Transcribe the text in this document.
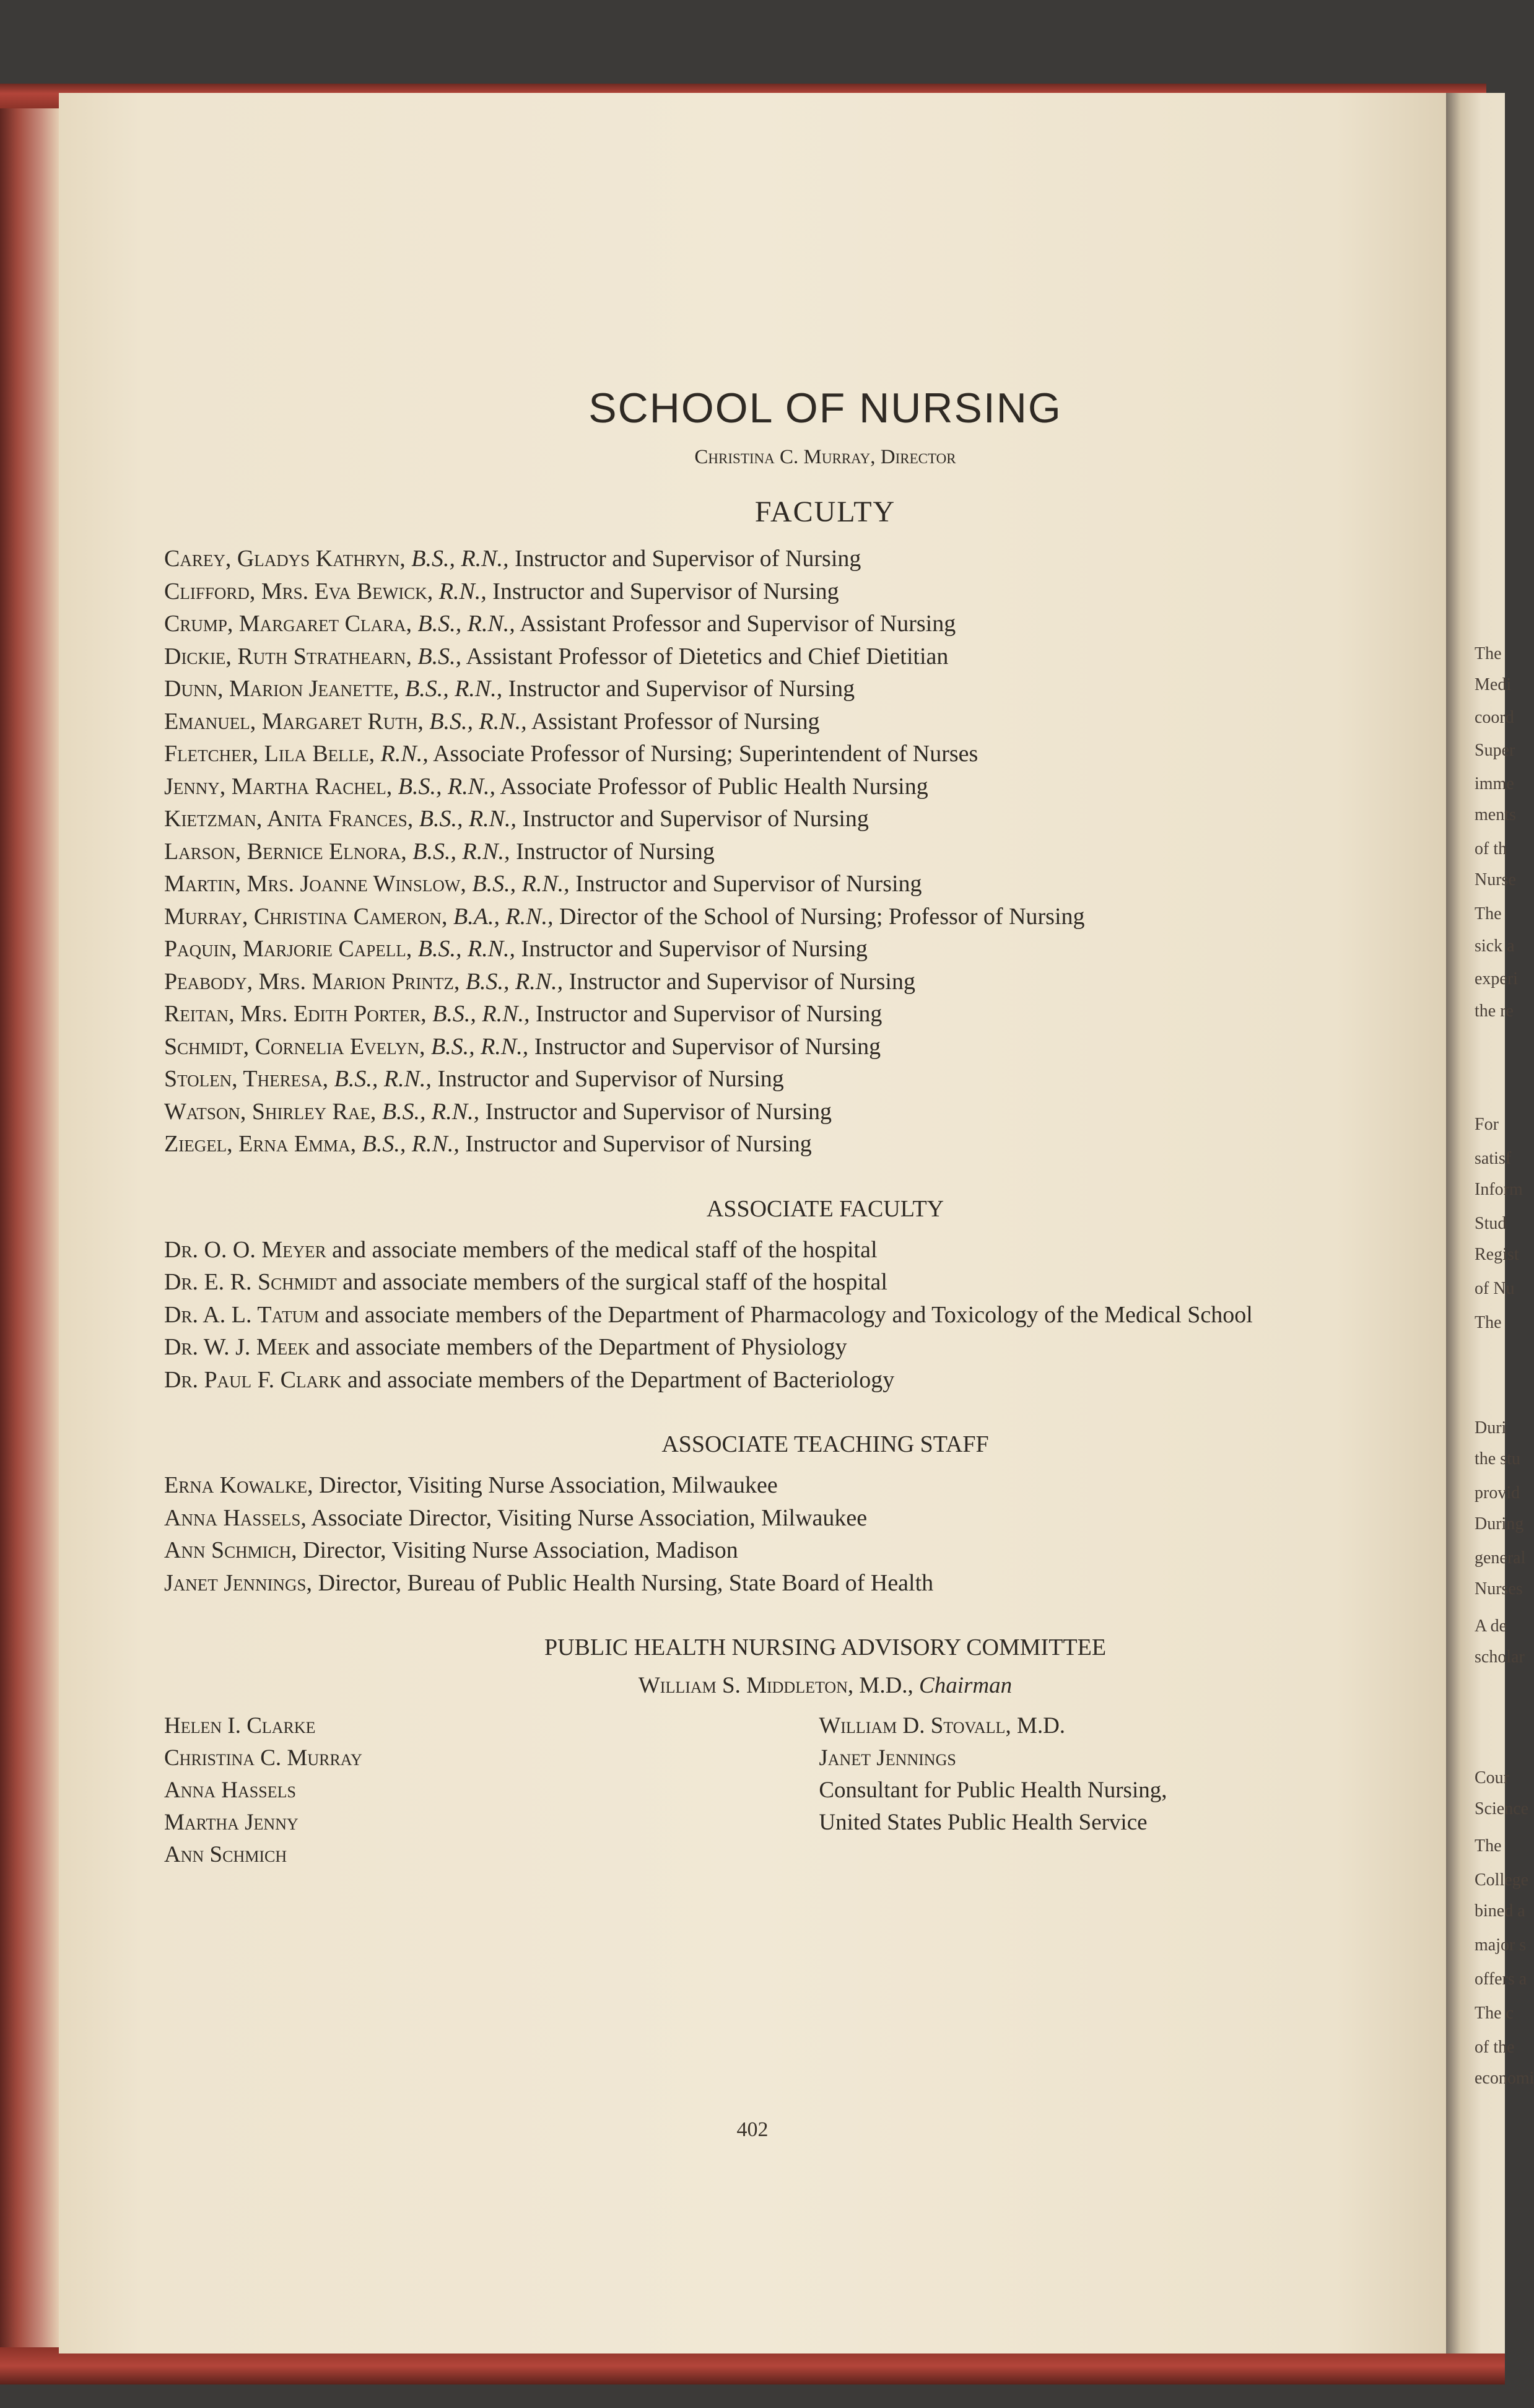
The
Medi
coord
Super
imme
ments
of th
Nurse
The
sick a
experi
the re
For
satisf
Inform
Stud
Regist
of Nu
The
Duri
the stu
provid
During
general
Nurses
A de
scholar
Cour
Science
The
College
bined a
major s
offers a
The c
of the
economi
SCHOOL OF NURSING
Christina C. Murray, Director
FACULTY
Carey, Gladys Kathryn, B.S., R.N., Instructor and Supervisor of Nursing
Clifford, Mrs. Eva Bewick, R.N., Instructor and Supervisor of Nursing
Crump, Margaret Clara, B.S., R.N., Assistant Professor and Supervisor of Nursing
Dickie, Ruth Strathearn, B.S., Assistant Professor of Dietetics and Chief Dietitian
Dunn, Marion Jeanette, B.S., R.N., Instructor and Supervisor of Nursing
Emanuel, Margaret Ruth, B.S., R.N., Assistant Professor of Nursing
Fletcher, Lila Belle, R.N., Associate Professor of Nursing; Superintendent of Nurses
Jenny, Martha Rachel, B.S., R.N., Associate Professor of Public Health Nursing
Kietzman, Anita Frances, B.S., R.N., Instructor and Supervisor of Nursing
Larson, Bernice Elnora, B.S., R.N., Instructor of Nursing
Martin, Mrs. Joanne Winslow, B.S., R.N., Instructor and Supervisor of Nursing
Murray, Christina Cameron, B.A., R.N., Director of the School of Nursing; Professor of Nursing
Paquin, Marjorie Capell, B.S., R.N., Instructor and Supervisor of Nursing
Peabody, Mrs. Marion Printz, B.S., R.N., Instructor and Supervisor of Nursing
Reitan, Mrs. Edith Porter, B.S., R.N., Instructor and Supervisor of Nursing
Schmidt, Cornelia Evelyn, B.S., R.N., Instructor and Supervisor of Nursing
Stolen, Theresa, B.S., R.N., Instructor and Supervisor of Nursing
Watson, Shirley Rae, B.S., R.N., Instructor and Supervisor of Nursing
Ziegel, Erna Emma, B.S., R.N., Instructor and Supervisor of Nursing
ASSOCIATE FACULTY
Dr. O. O. Meyer and associate members of the medical staff of the hospital
Dr. E. R. Schmidt and associate members of the surgical staff of the hospital
Dr. A. L. Tatum and associate members of the Department of Pharmacology and Toxicology of the Medical School
Dr. W. J. Meek and associate members of the Department of Physiology
Dr. Paul F. Clark and associate members of the Department of Bacteriology
ASSOCIATE TEACHING STAFF
Erna Kowalke, Director, Visiting Nurse Association, Milwaukee
Anna Hassels, Associate Director, Visiting Nurse Association, Milwaukee
Ann Schmich, Director, Visiting Nurse Association, Madison
Janet Jennings, Director, Bureau of Public Health Nursing, State Board of Health
PUBLIC HEALTH NURSING ADVISORY COMMITTEE
William S. Middleton, M.D., Chairman
Helen I. Clarke
Christina C. Murray
Anna Hassels
Martha Jenny
Ann Schmich
William D. Stovall, M.D.
Janet Jennings
Consultant for Public Health Nursing,
United States Public Health Service
402
